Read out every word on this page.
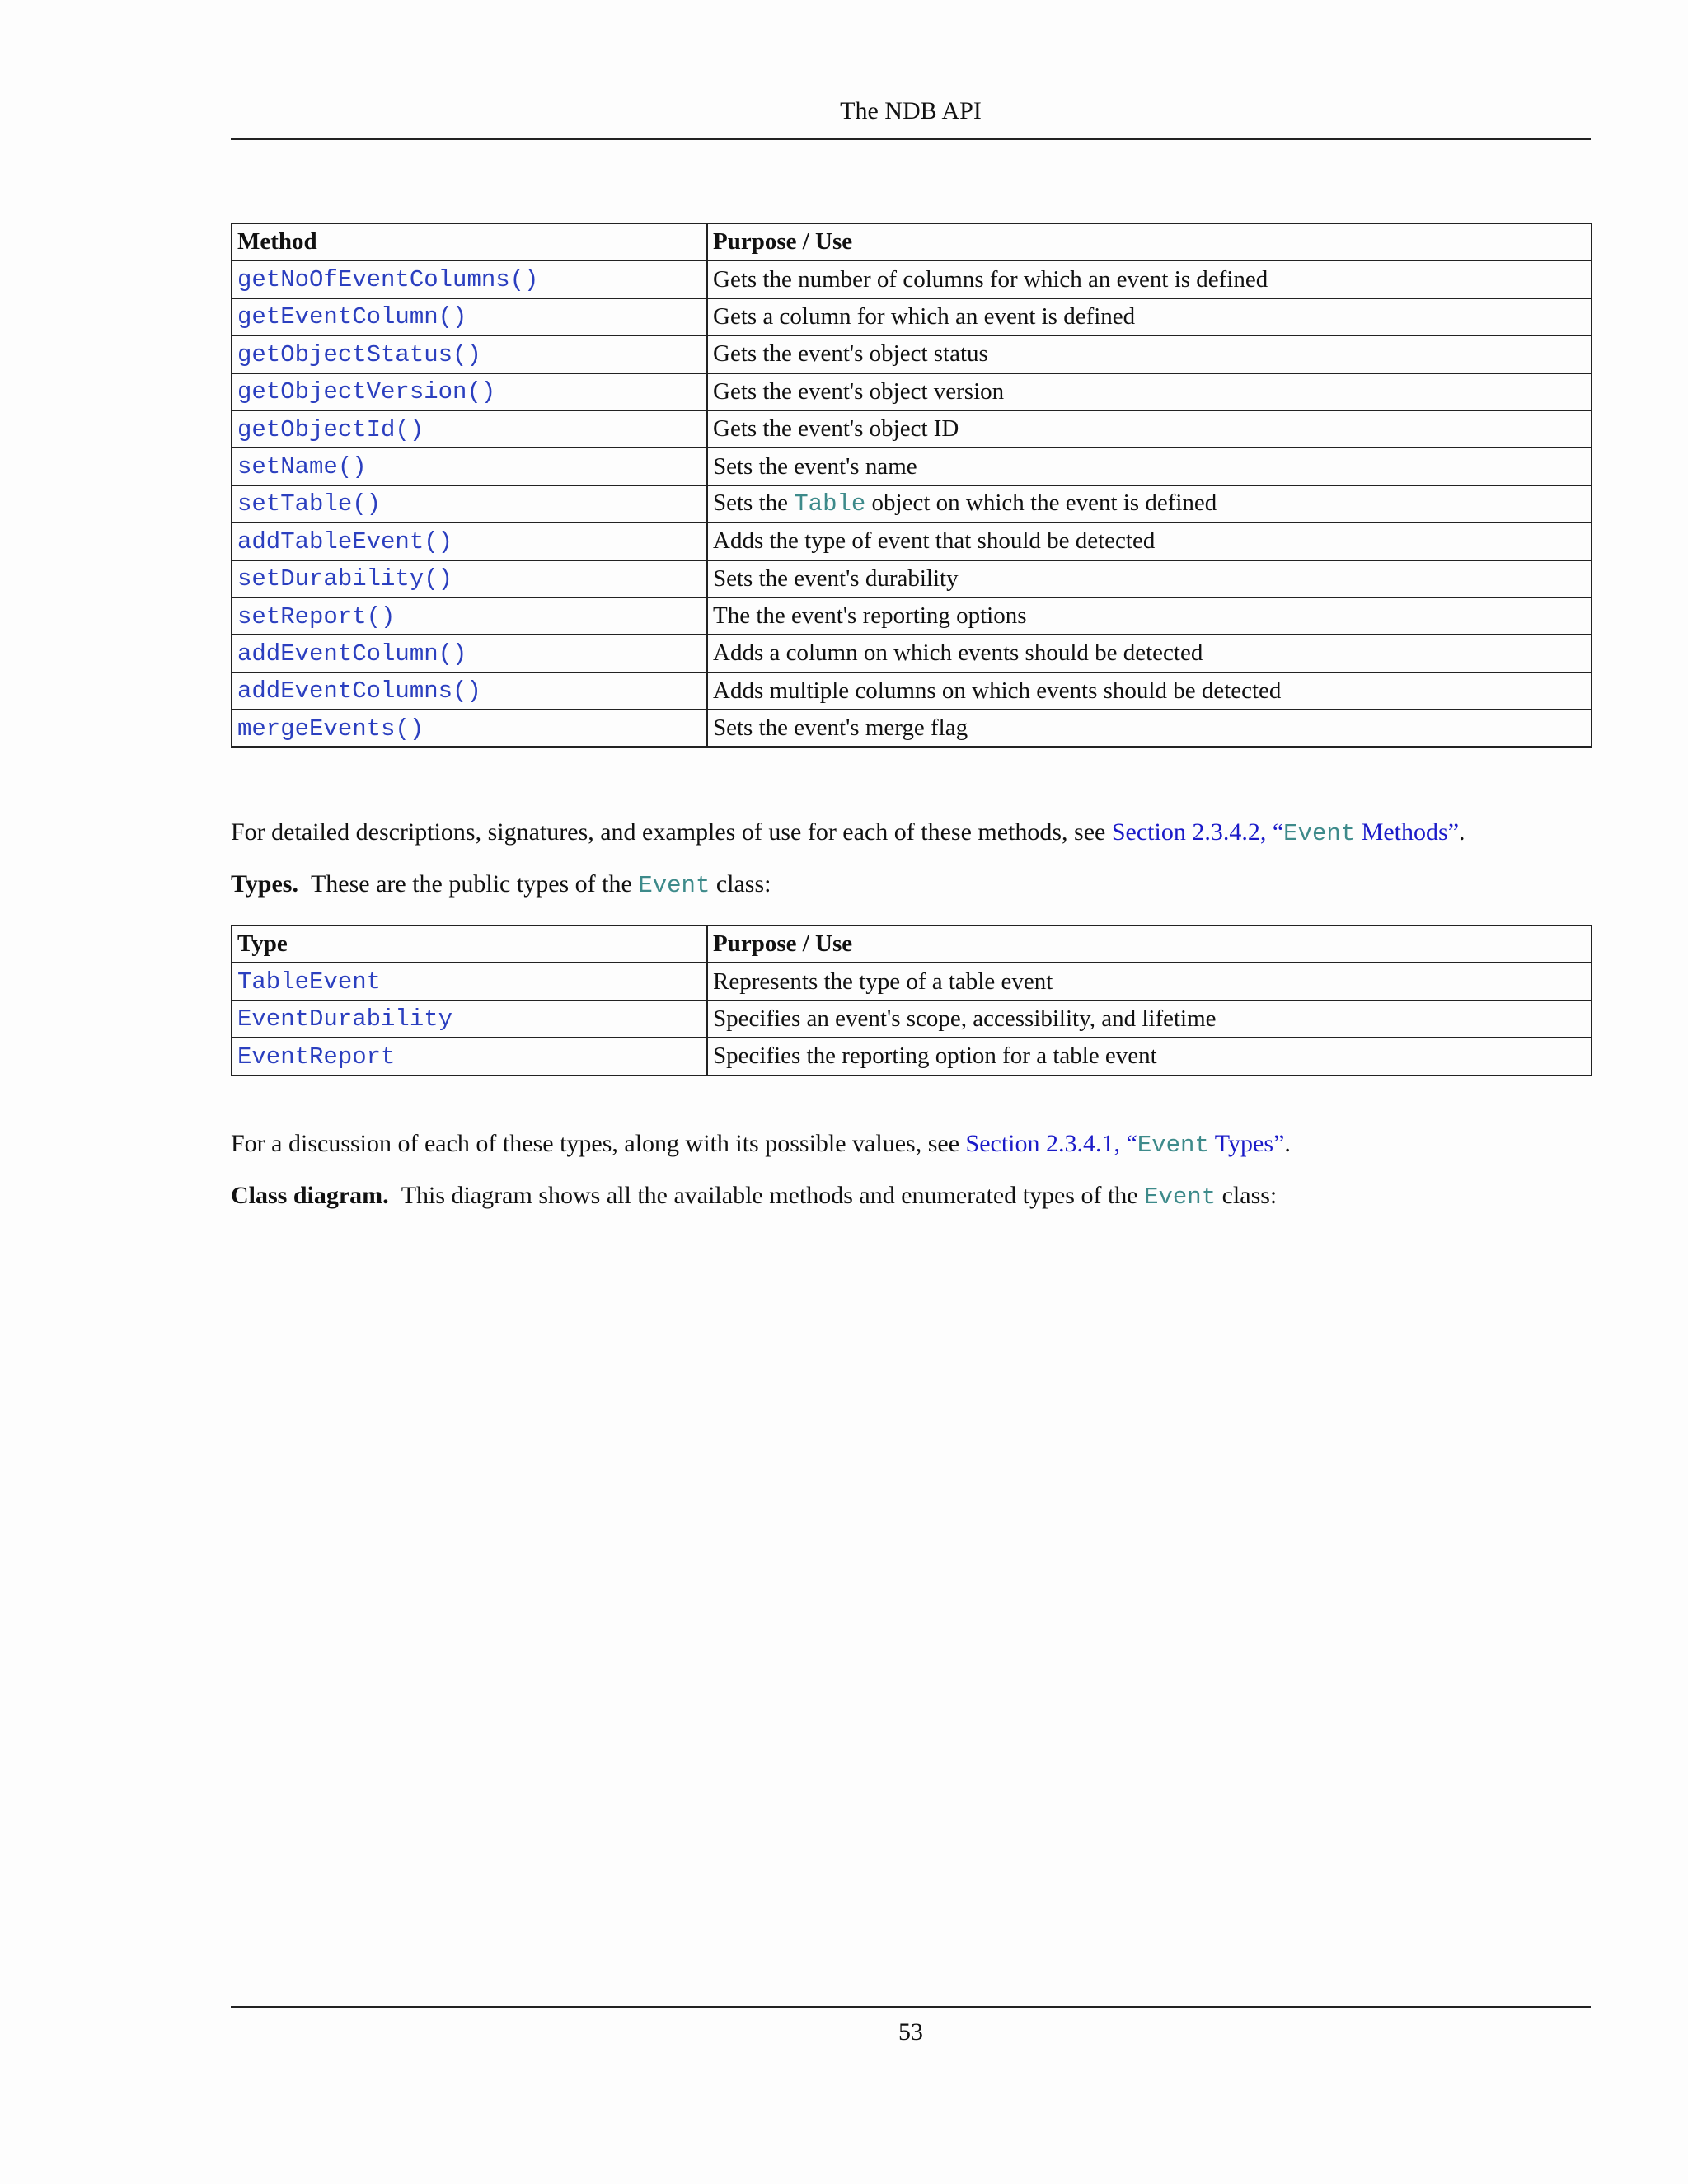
The NDB API
Method	Purpose / Use
getNoOfEventColumns()	Gets the number of columns for which an event is defined
getEventColumn()	Gets a column for which an event is defined
getObjectStatus()	Gets the event's object status
getObjectVersion()	Gets the event's object version
getObjectId()	Gets the event's object ID
setName()	Sets the event's name
setTable()	Sets the Table object on which the event is defined
addTableEvent()	Adds the type of event that should be detected
setDurability()	Sets the event's durability
setReport()	The the event's reporting options
addEventColumn()	Adds a column on which events should be detected
addEventColumns()	Adds multiple columns on which events should be detected
mergeEvents()	Sets the event's merge flag
For detailed descriptions, signatures, and examples of use for each of these methods, see Section 2.3.4.2, “Event Methods”.
Types. These are the public types of the Event class:
Type	Purpose / Use
TableEvent	Represents the type of a table event
EventDurability	Specifies an event's scope, accessibility, and lifetime
EventReport	Specifies the reporting option for a table event
For a discussion of each of these types, along with its possible values, see Section 2.3.4.1, “Event Types”.
Class diagram. This diagram shows all the available methods and enumerated types of the Event class:
53
